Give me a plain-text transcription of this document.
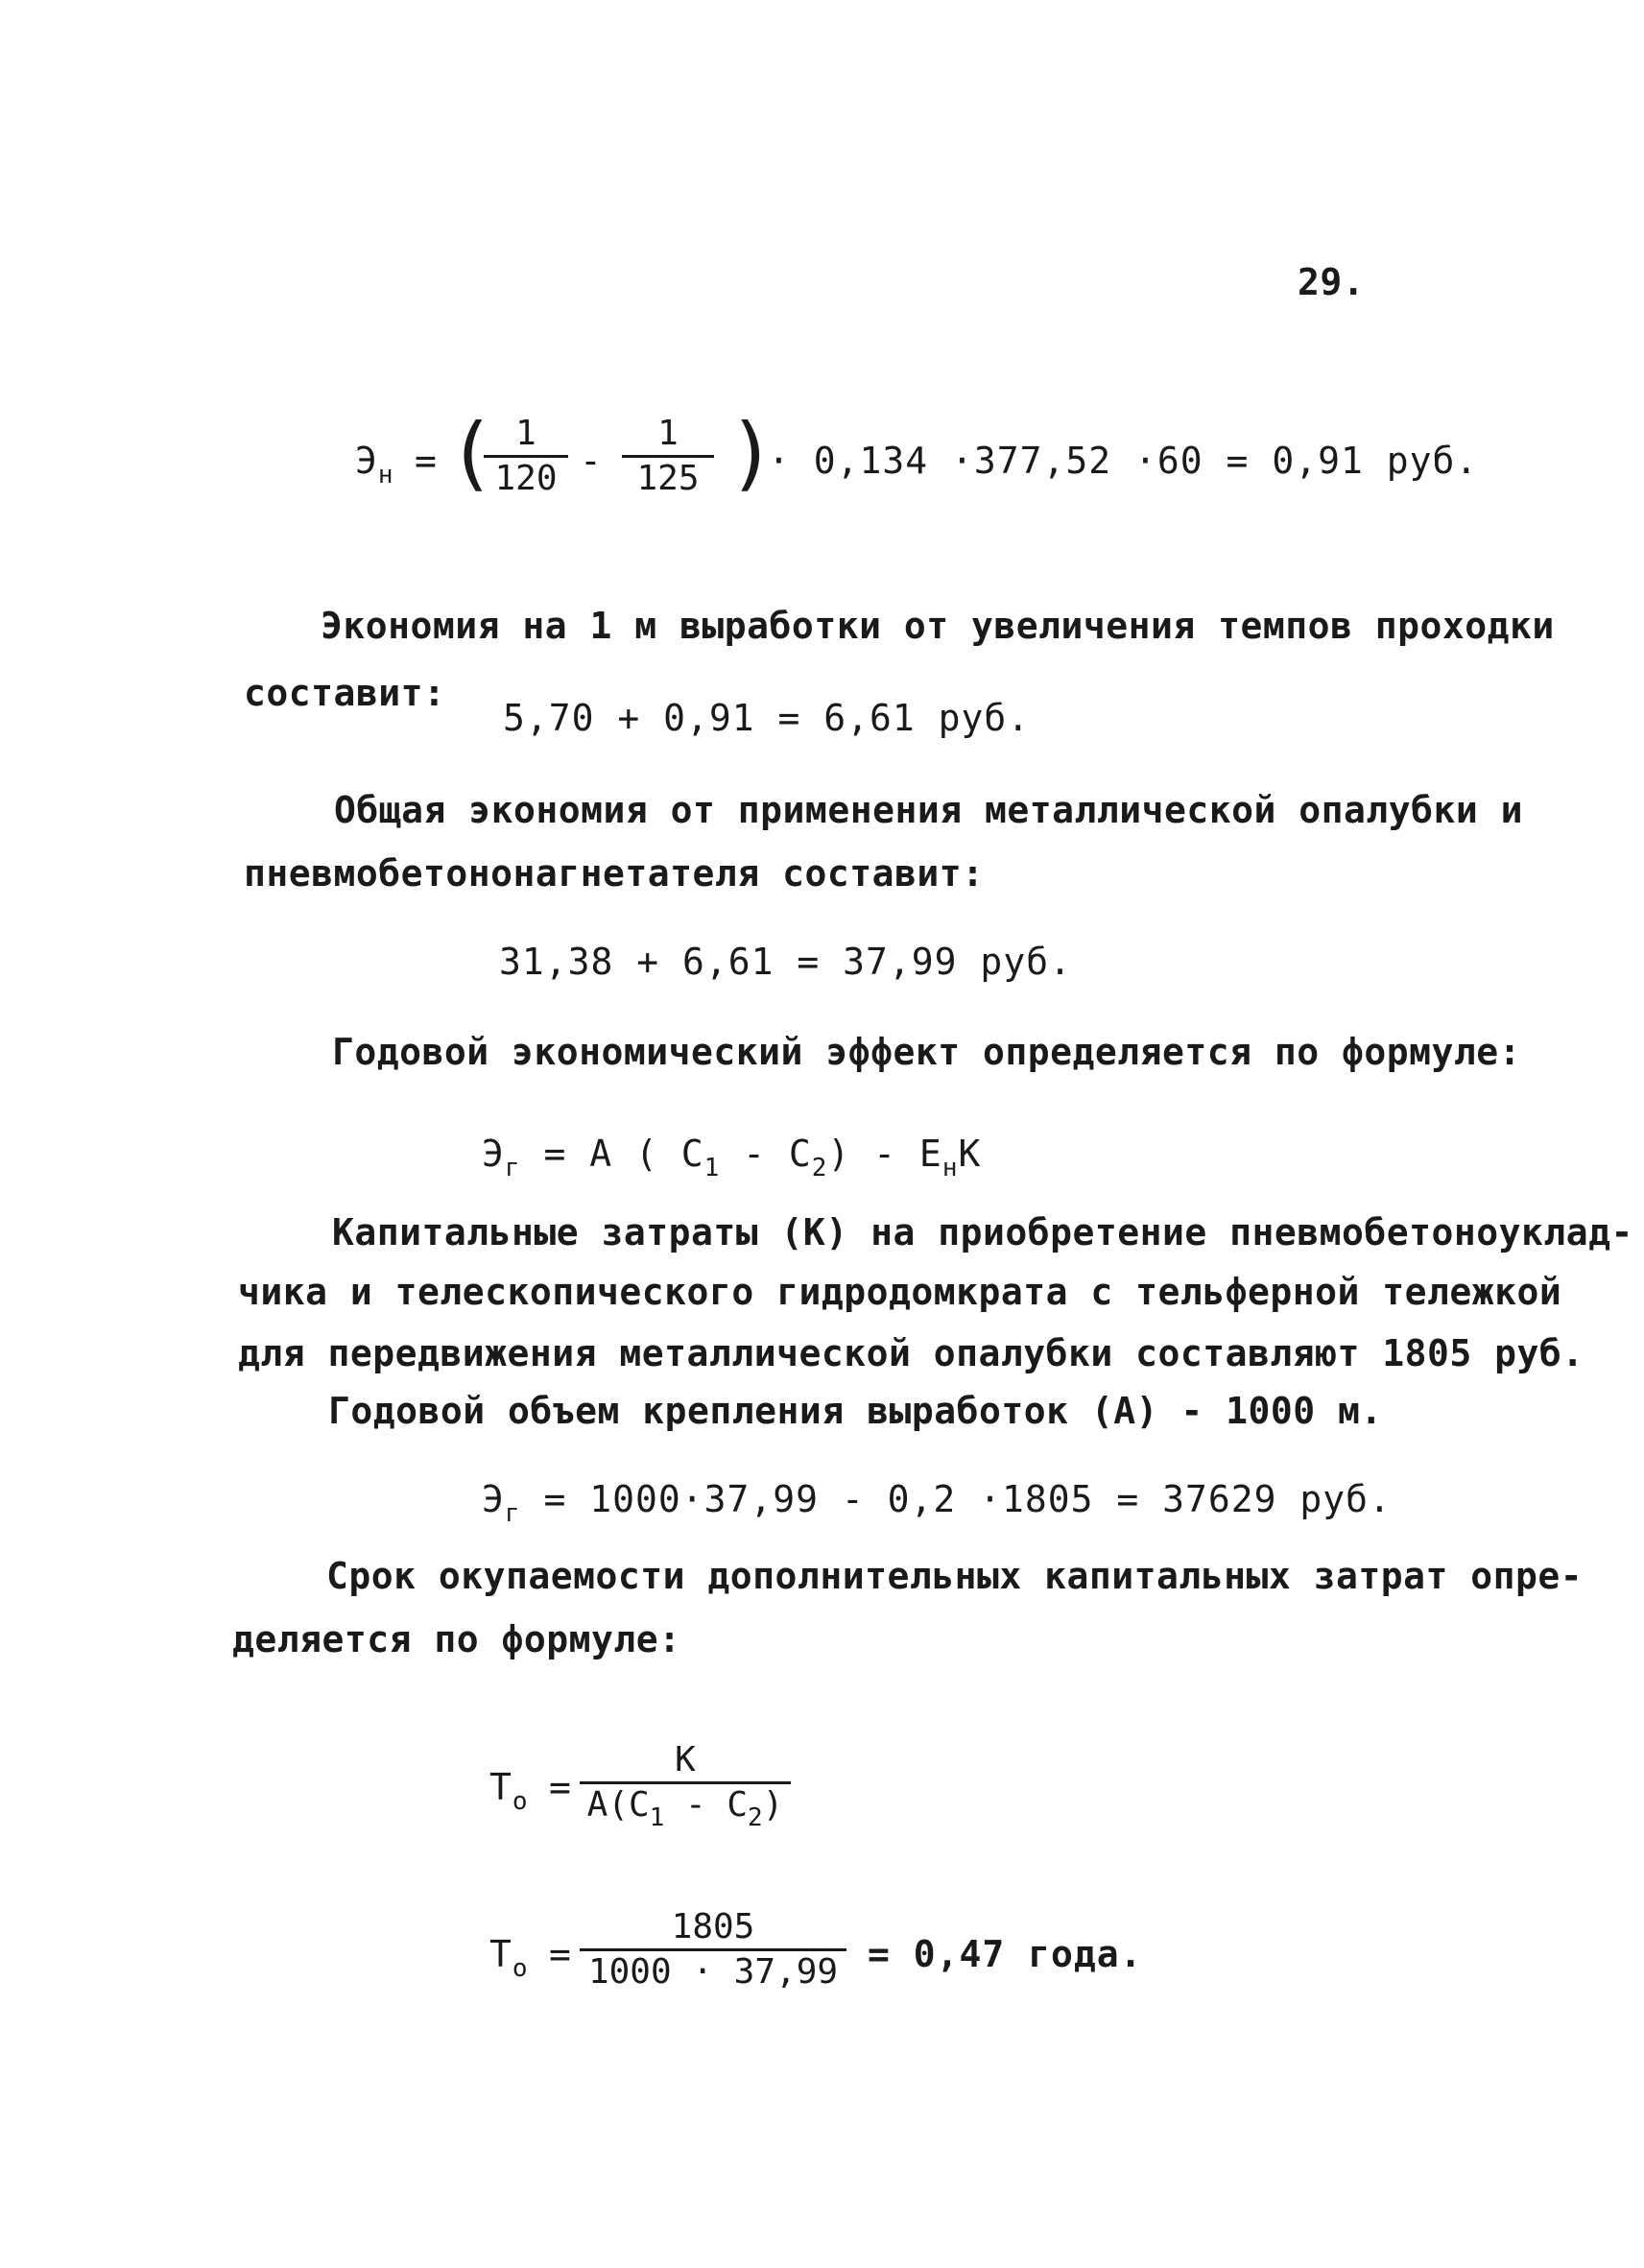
29.
$Э_н$ = ( 1
120 -
1
125 )
· 0,134 ·377,52 ·60 = 0,91 руб.
Экономия на 1 м выработки от увеличения темпов проходки
составит:
5,70 + 0,91 = 6,61 руб.
Общая экономия от применения металлической опалубки и
пневмобетононагнетателя составит:
31,38 + 6,61 = 37,99 руб.
Годовой экономический эффект определяется по формуле:
$Э_г = А$ ( $С_1 - С_2) - Е_нК$
Капитальные затраты (К) на приобретение пневмобетоноуклад-
чика и телескопического гидродомкрата с тельферной тележкой
для передвижения металлической опалубки составляют 1805 руб.
Годовой объем крепления выработок (А) - 1000 м.
$Э_г = 1000\cdot 37,99 - 0,2 \cdot 1805 = 37629$ руб.
Срок окупаемости дополнительных капитальных затрат опре-
деляется по формуле:
$Т_о$ =
К
$А(С_1 - С_2)$
$Т_о$ =
1805
1000 · 37,99 = 0,47 года.
